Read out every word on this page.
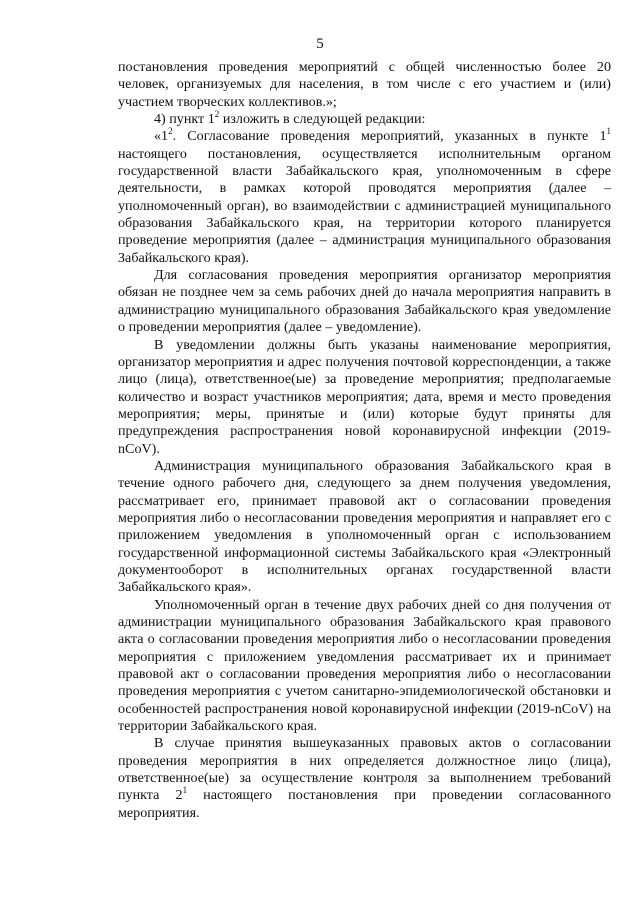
5

постановления проведения мероприятий с общей численностью более 20 человек, организуемых для населения, в том числе с его участием и (или) участием творческих коллективов.»;

4) пункт $1^2$ изложить в следующей редакции:

«$1^2$. Согласование проведения мероприятий, указанных в пункте $1^1$ настоящего постановления, осуществляется исполнительным органом государственной власти Забайкальского края, уполномоченным в сфере деятельности, в рамках которой проводятся мероприятия (далее – уполномоченный орган), во взаимодействии с администрацией муниципального образования Забайкальского края, на территории которого планируется проведение мероприятия (далее – администрация муниципального образования Забайкальского края).

Для согласования проведения мероприятия организатор мероприятия обязан не позднее чем за семь рабочих дней до начала мероприятия направить в администрацию муниципального образования Забайкальского края уведомление о проведении мероприятия (далее – уведомление).

В уведомлении должны быть указаны наименование мероприятия, организатор мероприятия и адрес получения почтовой корреспонденции, а также лицо (лица), ответственное(ые) за проведение мероприятия; предполагаемые количество и возраст участников мероприятия; дата, время и место проведения мероприятия; меры, принятые и (или) которые будут приняты для предупреждения распространения новой коронавирусной инфекции (2019-nCoV).

Администрация муниципального образования Забайкальского края в течение одного рабочего дня, следующего за днем получения уведомления, рассматривает его, принимает правовой акт о согласовании проведения мероприятия либо о несогласовании проведения мероприятия и направляет его с приложением уведомления в уполномоченный орган с использованием государственной информационной системы Забайкальского края «Электронный документооборот в исполнительных органах государственной власти Забайкальского края».

Уполномоченный орган в течение двух рабочих дней со дня получения от администрации муниципального образования Забайкальского края правового акта о согласовании проведения мероприятия либо о несогласовании проведения мероприятия с приложением уведомления рассматривает их и принимает правовой акт о согласовании проведения мероприятия либо о несогласовании проведения мероприятия с учетом санитарно-эпидемиологической обстановки и особенностей распространения новой коронавирусной инфекции (2019-nCoV) на территории Забайкальского края.

В случае принятия вышеуказанных правовых актов о согласовании проведения мероприятия в них определяется должностное лицо (лица), ответственное(ые) за осуществление контроля за выполнением требований пункта $2^1$ настоящего постановления при проведении согласованного мероприятия.
